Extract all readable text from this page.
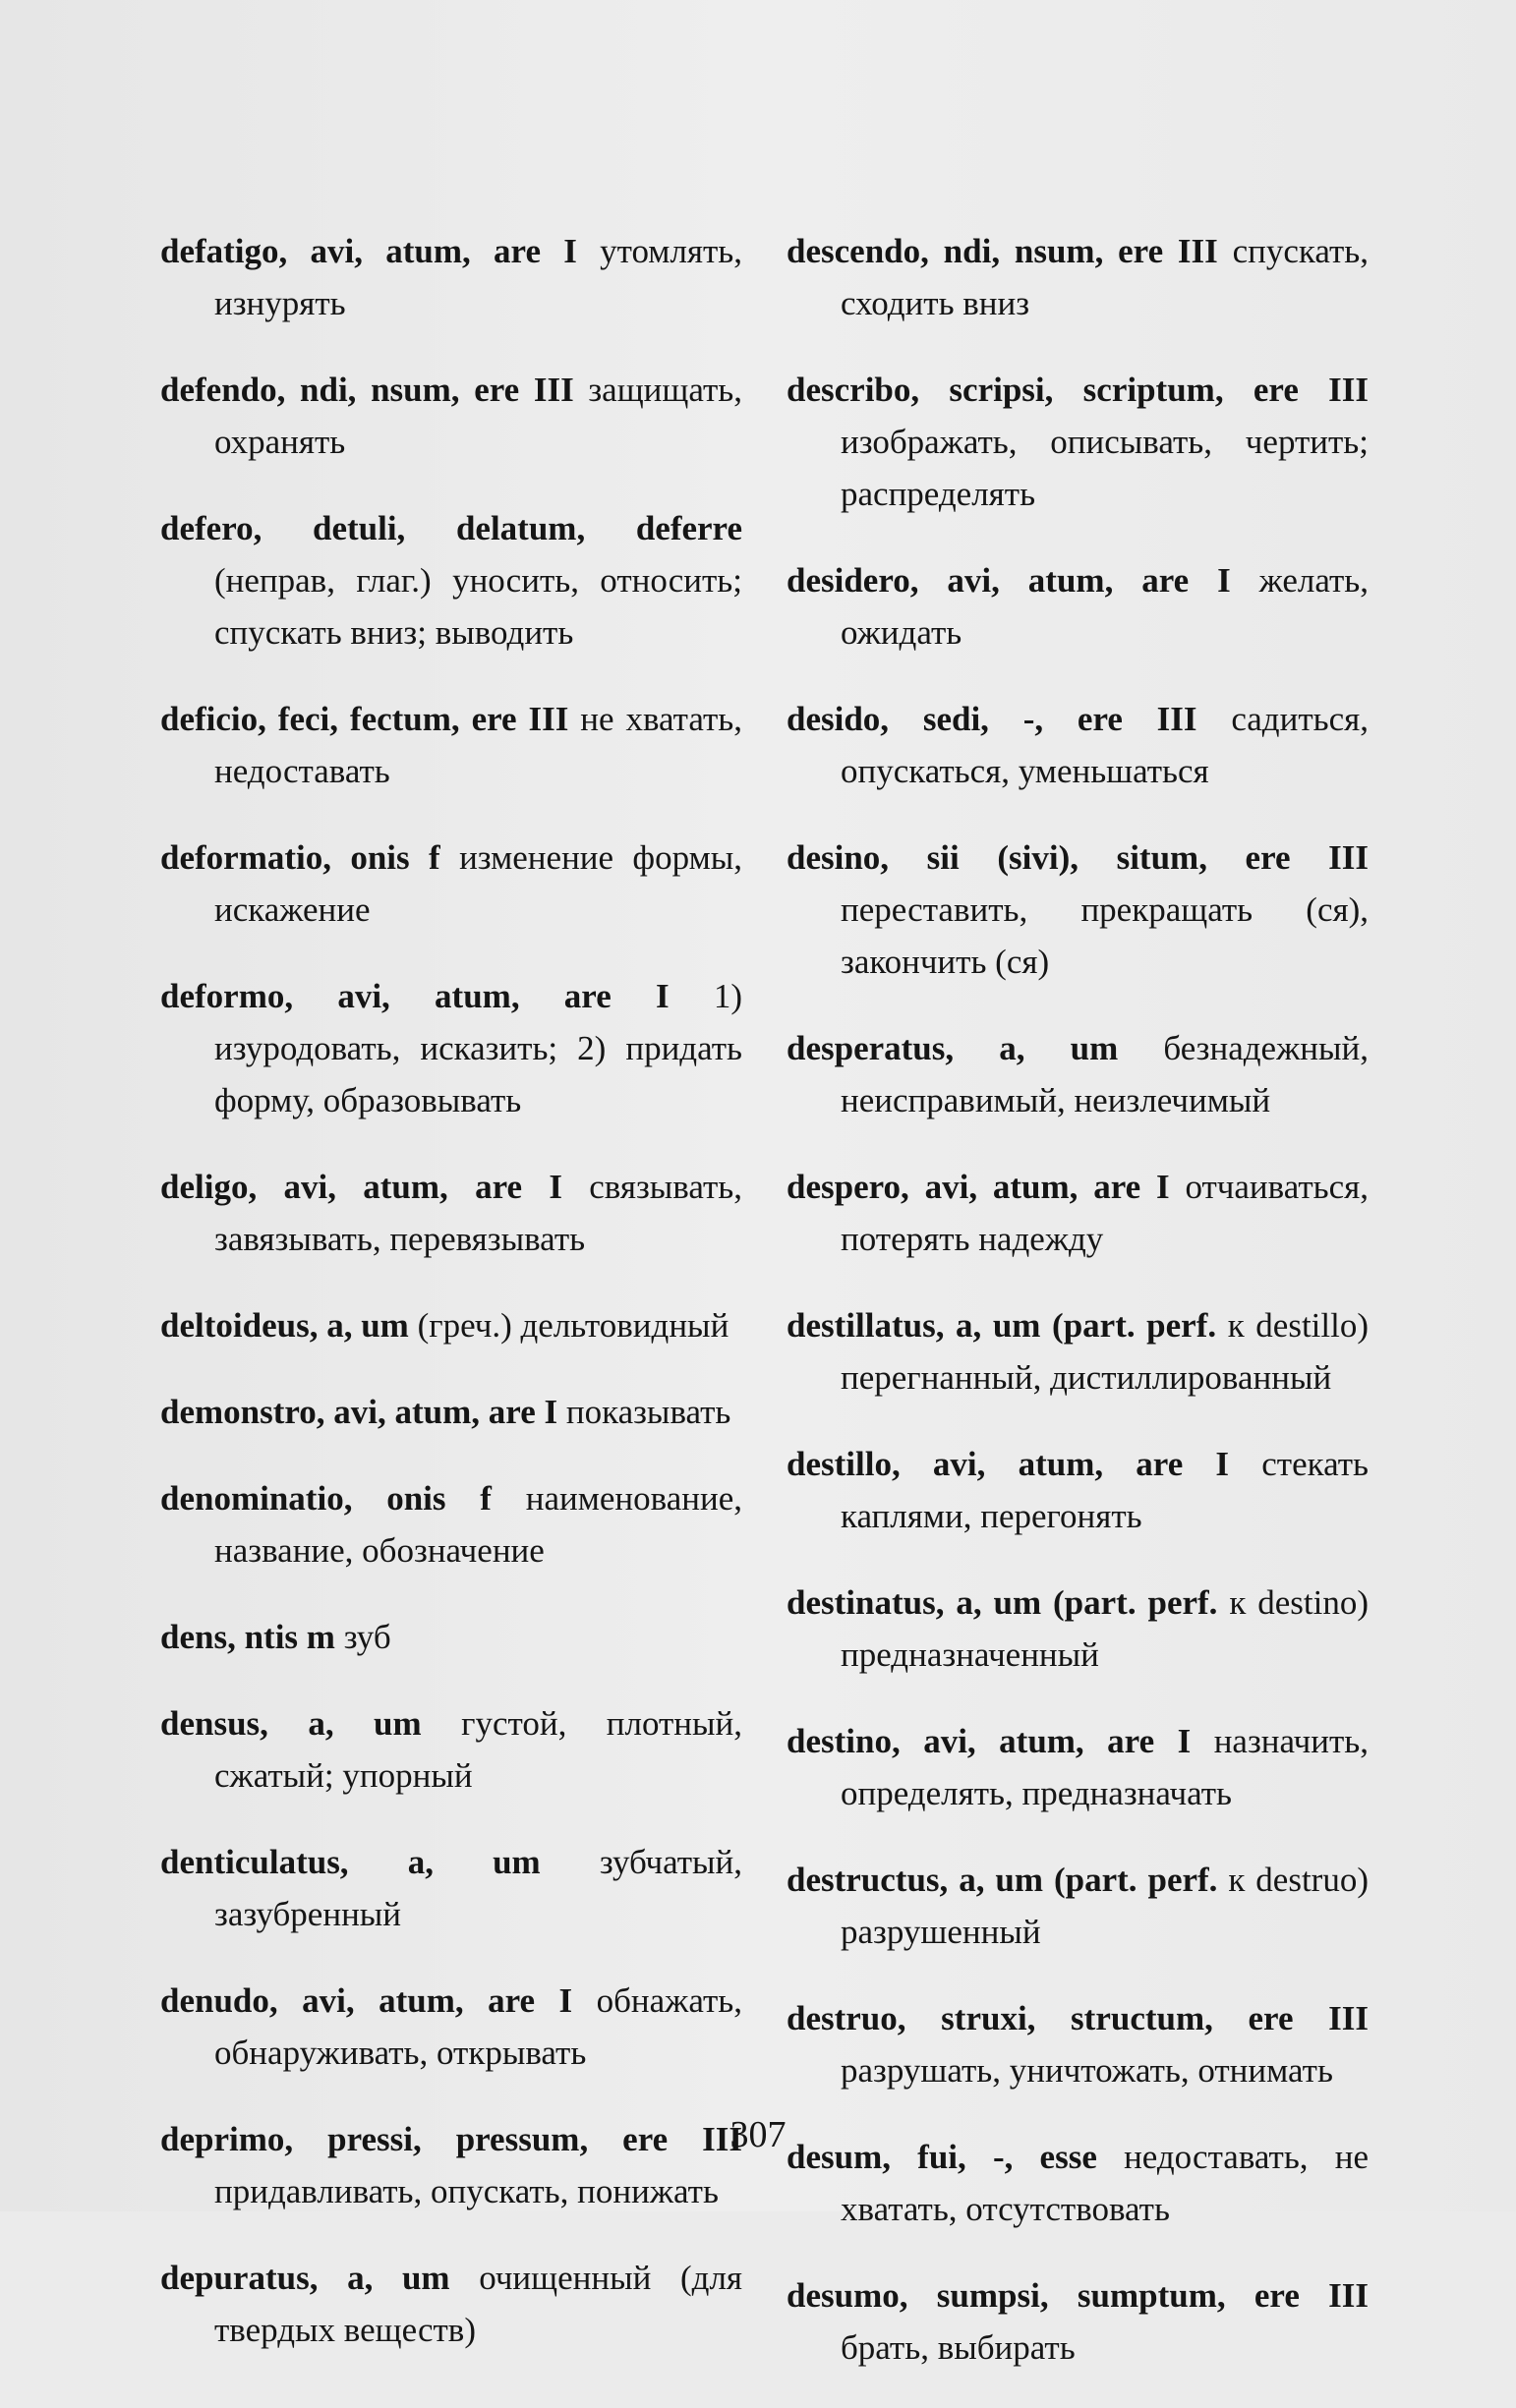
defatigo, avi, atum, are I утомлять, изнурять

defendo, ndi, nsum, ere III защищать, охранять

defero, detuli, delatum, deferre (неправ, глаг.) уносить, относить; спускать вниз; выводить

deficio, feci, fectum, ere III не хватать, недоставать

deformatio, onis f изменение формы, искажение

deformo, avi, atum, are I 1) изуродовать, исказить; 2) придать форму, образовывать

deligo, avi, atum, are I связывать, завязывать, перевязывать

deltoideus, a, um (греч.) дельтовидный

demonstro, avi, atum, are I показывать

denominatio, onis f наименование, название, обозначение

dens, ntis m зуб

densus, a, um густой, плотный, сжатый; упорный

denticulatus, a, um зубчатый, зазубренный

denudo, avi, atum, are I обнажать, обнаруживать, открывать

deprimo, pressi, pressum, ere III придавливать, опускать, понижать

depuratus, a, um очищенный (для твердых веществ)

descendo, ndi, nsum, ere III спускать, сходить вниз

describo, scripsi, scriptum, ere III изображать, описывать, чертить; распределять

desidero, avi, atum, are I желать, ожидать

desido, sedi, -, ere III садиться, опускаться, уменьшаться

desino, sii (sivi), situm, ere III переставить, прекращать (ся), закончить (ся)

desperatus, a, um безнадежный, неисправимый, неизлечимый

despero, avi, atum, are I отчаиваться, потерять надежду

destillatus, a, um (part. perf. к destillo) перегнанный, дистиллированный

destillo, avi, atum, are I стекать каплями, перегонять

destinatus, a, um (part. perf. к destino) предназначенный

destino, avi, atum, are I назначить, определять, предназначать

destructus, a, um (part. perf. к destruo) разрушенный

destruo, struxi, structum, ere III разрушать, уничтожать, отнимать

desum, fui, -, esse недоставать, не хватать, отсутствовать

desumo, sumpsi, sumptum, ere III брать, выбирать

307
